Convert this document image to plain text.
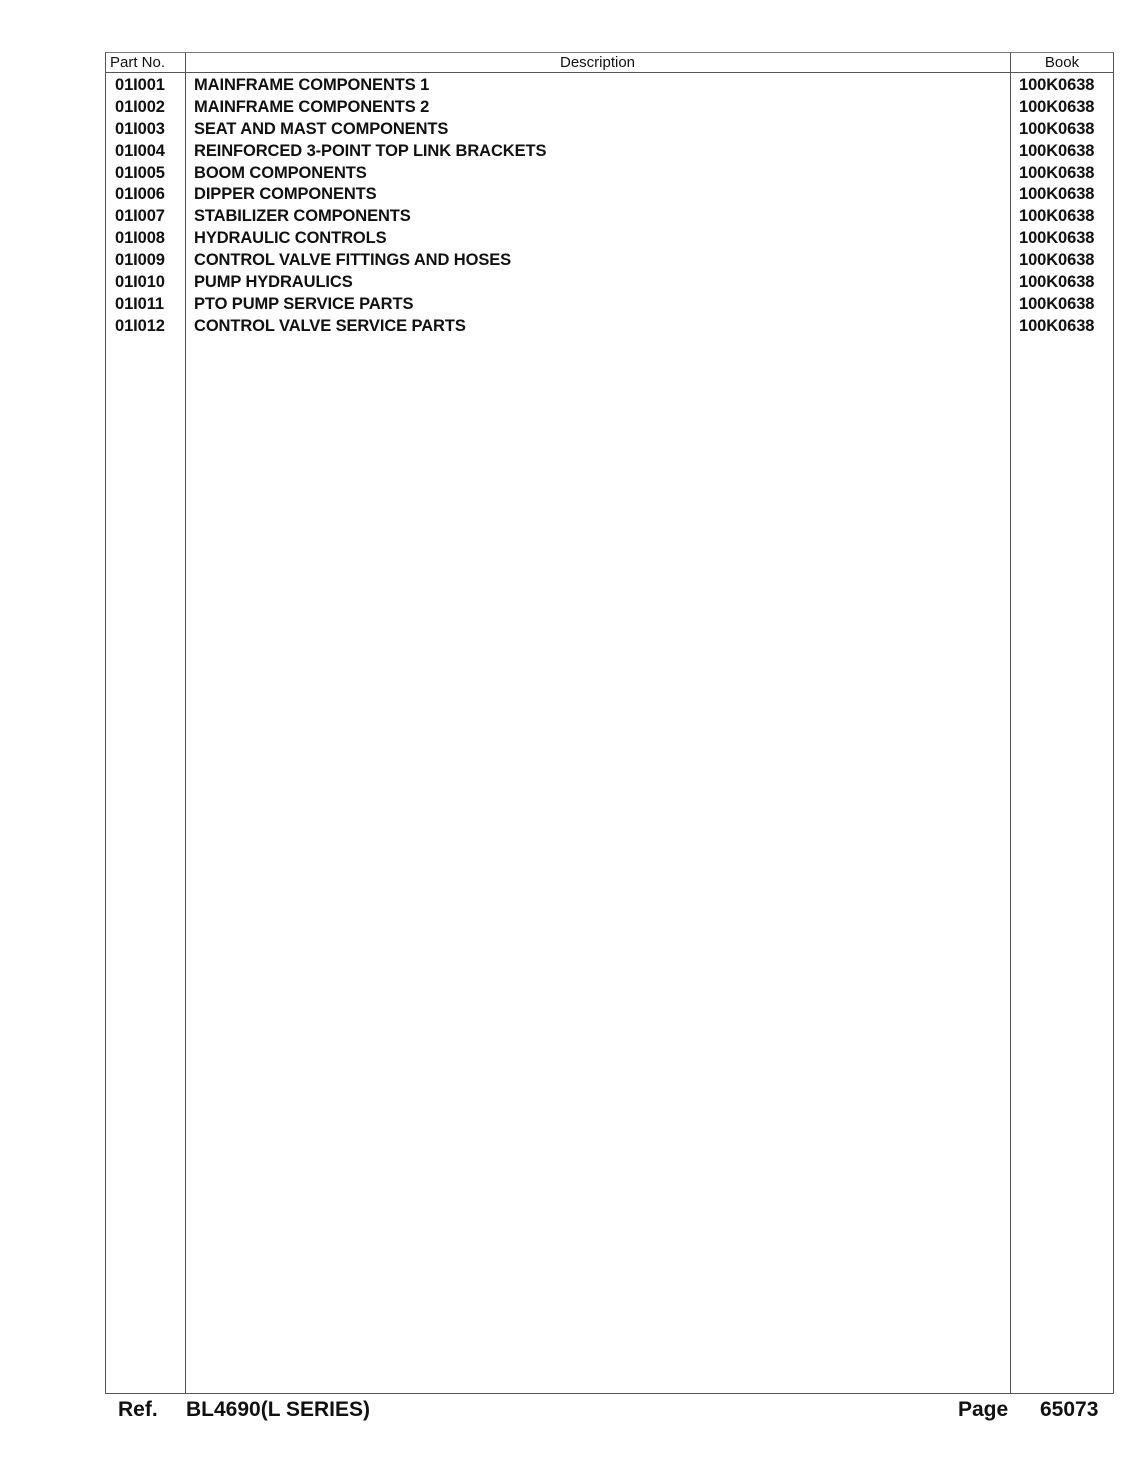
Part No.	Description	Book
01I001 MAINFRAME COMPONENTS 1	100K0638
01I002 MAINFRAME COMPONENTS 2	100K0638
01I003 SEAT AND MAST COMPONENTS	100K0638
01I004 REINFORCED 3-POINT TOP LINK BRACKETS	100K0638
01I005 BOOM COMPONENTS	100K0638
01I006 DIPPER COMPONENTS	100K0638
01I007 STABILIZER COMPONENTS	100K0638
01I008 HYDRAULIC CONTROLS	100K0638
01I009 CONTROL VALVE FITTINGS AND HOSES	100K0638
01I010 PUMP HYDRAULICS	100K0638
01I011 PTO PUMP SERVICE PARTS	100K0638
01I012 CONTROL VALVE SERVICE PARTS	100K0638
Ref. BL4690(L SERIES)	Page 65073
